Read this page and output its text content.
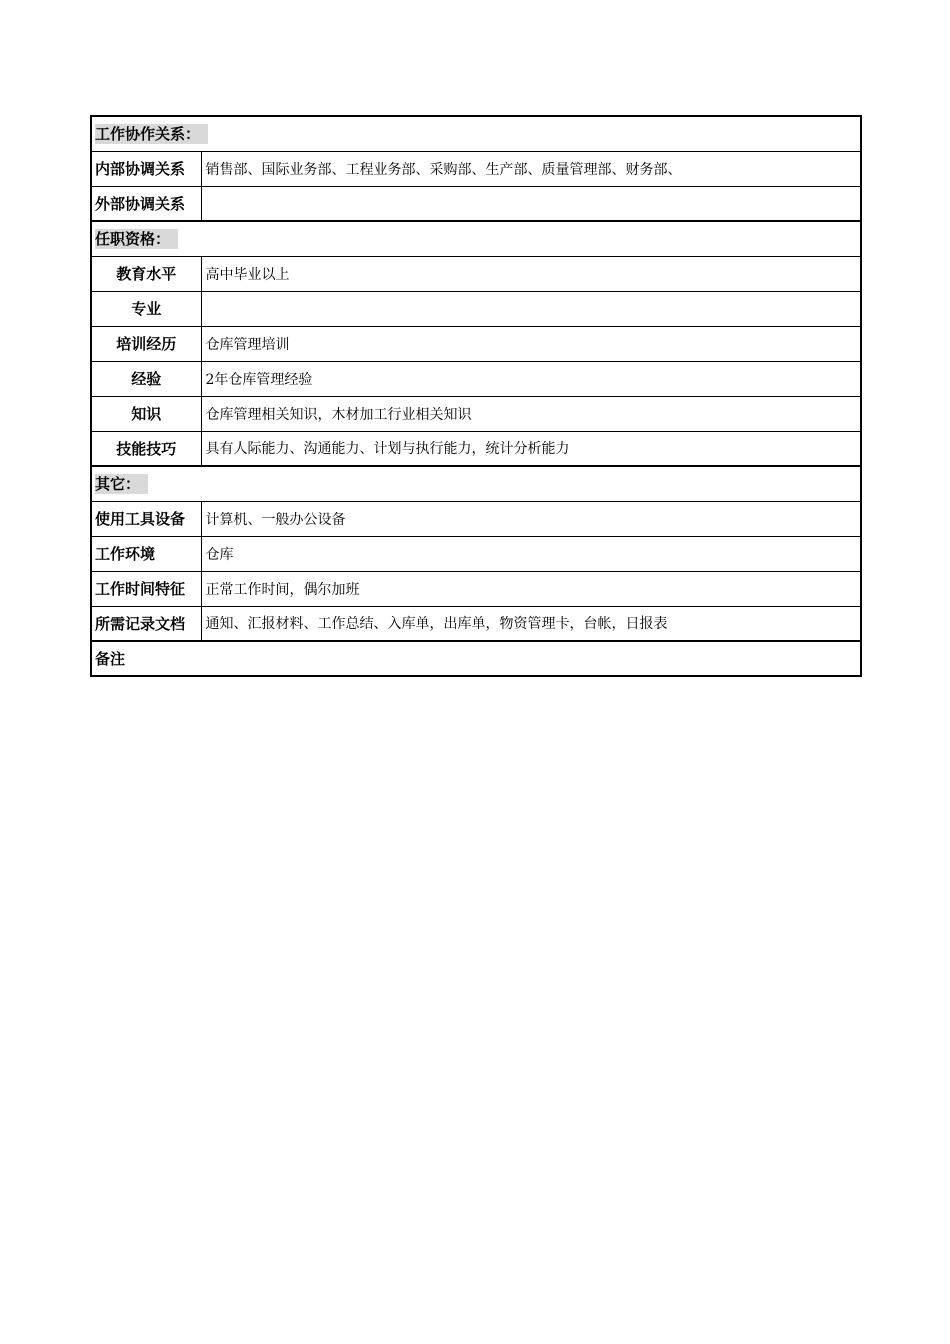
工作协作关系：	
内部协调关系	销售部、国际业务部、工程业务部、采购部、生产部、质量管理部、财务部、
外部协调关系	
任职资格：	
教育水平	高中毕业以上
专业	
培训经历	仓库管理培训
经验	2年仓库管理经验
知识	仓库管理相关知识，木材加工行业相关知识
技能技巧	具有人际能力、沟通能力、计划与执行能力，统计分析能力
其它：	
使用工具设备	计算机、一般办公设备
工作环境	仓库
工作时间特征	正常工作时间，偶尔加班
所需记录文档	通知、汇报材料、工作总结、入库单，出库单，物资管理卡，台帐，日报表
备注	
